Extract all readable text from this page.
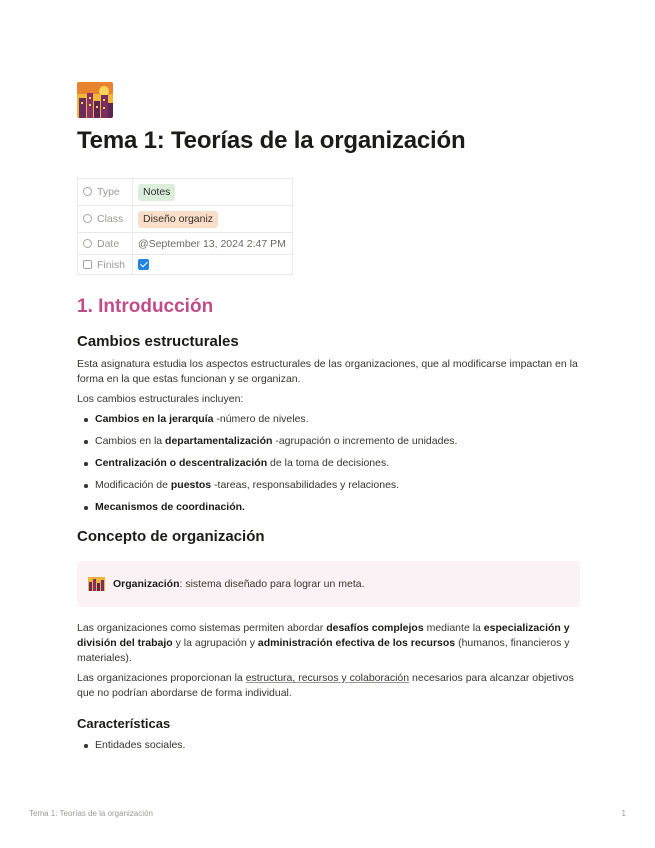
Tema 1: Teorías de la organización
Type	Notes
Class	Diseño organiz
Date	@September 13, 2024 2:47 PM
Finish	
1. Introducción
Cambios estructurales

Esta asignatura estudia los aspectos estructurales de las organizaciones, que al modificarse impactan en la forma en la que estas funcionan y se organizan.

Los cambios estructurales incluyen:

Cambios en la jerarquía -número de niveles.
Cambios en la departamentalización -agrupación o incremento de unidades.
Centralización o descentralización de la toma de decisiones.
Modificación de puestos -tareas, responsabilidades y relaciones.
Mecanismos de coordinación.
Concepto de organización
Organización: sistema diseñado para lograr un meta.

Las organizaciones como sistemas permiten abordar desafíos complejos mediante la especialización y división del trabajo y la agrupación y administración efectiva de los recursos (humanos, financieros y materiales).

Las organizaciones proporcionan la estructura, recursos y colaboración necesarios para alcanzar objetivos que no podrían abordarse de forma individual.

Características
Entidades sociales.
Tema 1: Teorías de la organización	1
